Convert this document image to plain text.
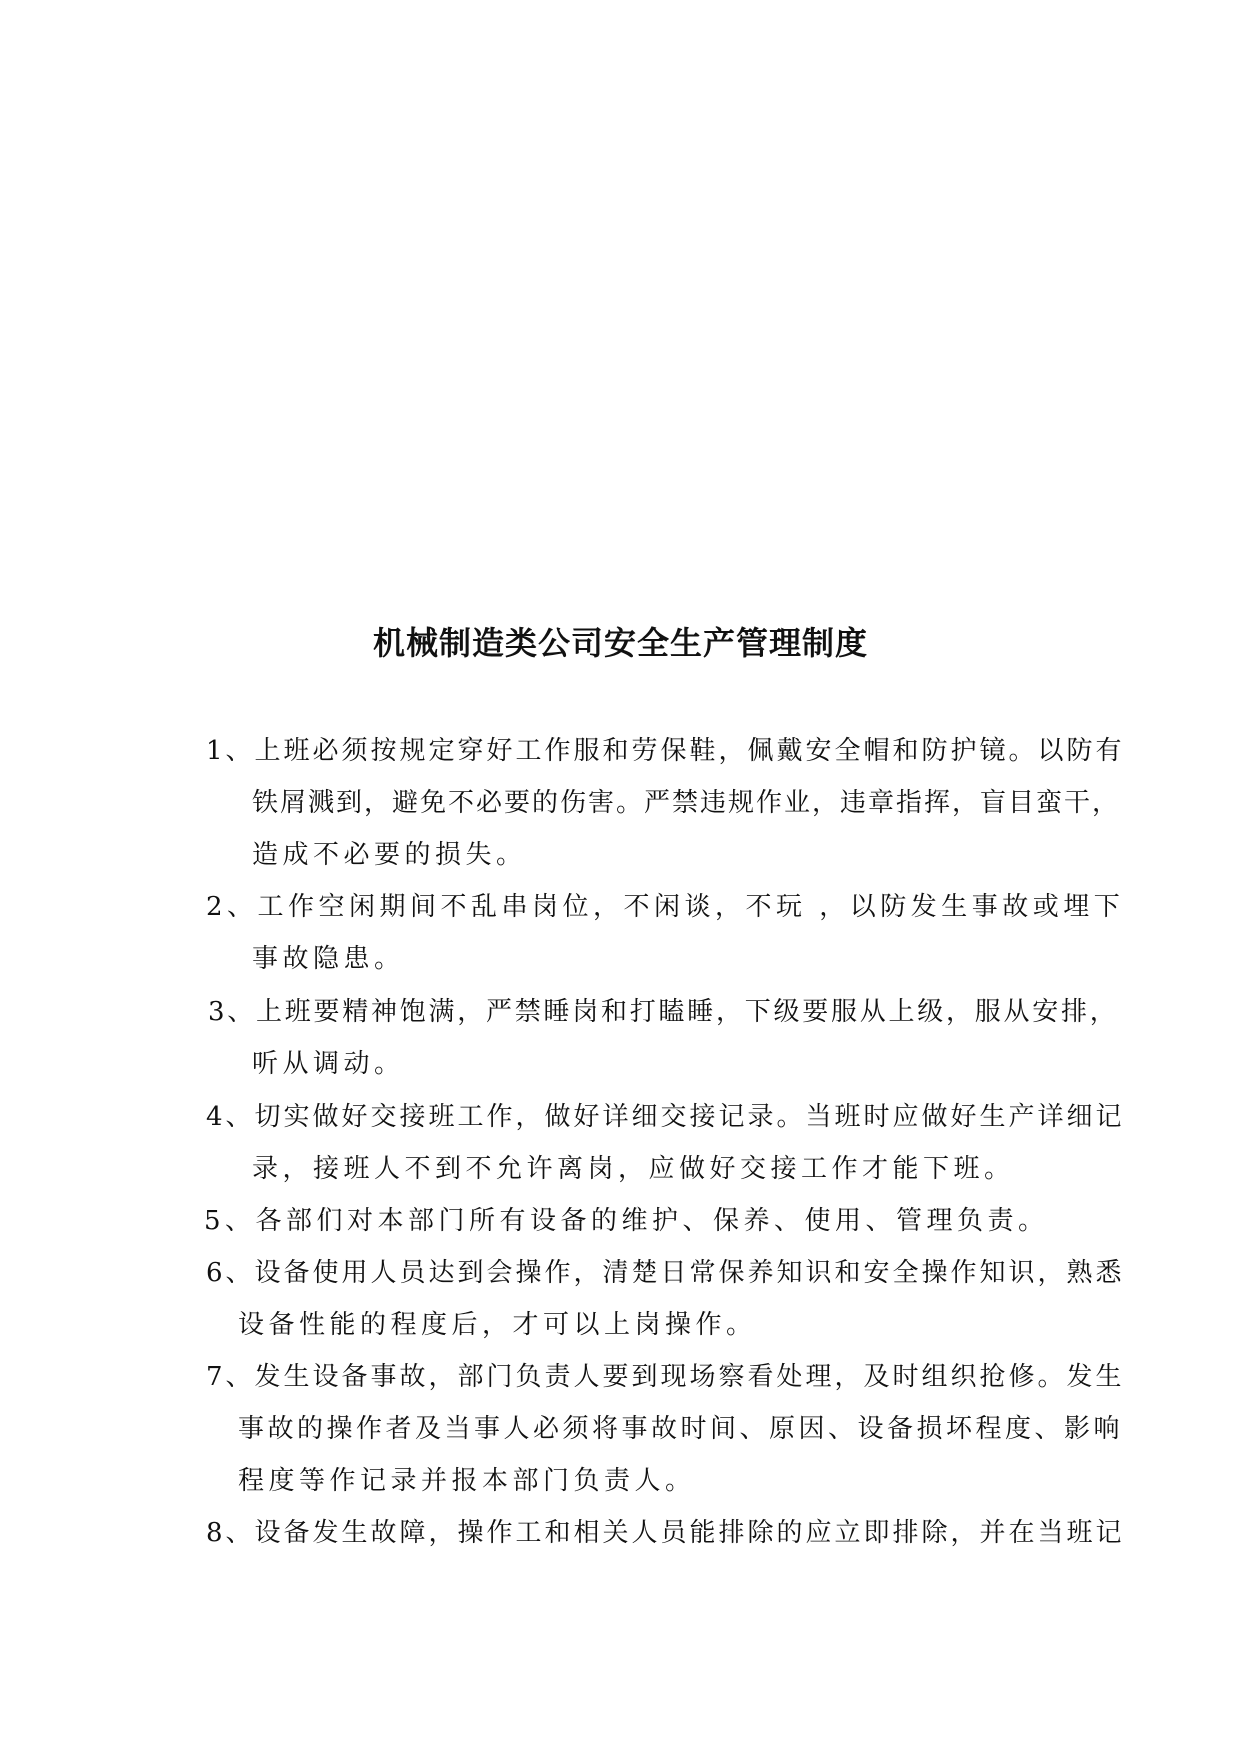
机械制造类公司安全生产管理制度
1、上班必须按规定穿好工作服和劳保鞋，佩戴安全帽和防护镜。以防有
铁屑溅到，避免不必要的伤害。严禁违规作业，违章指挥，盲目蛮干，
造成不必要的损失。
2、工作空闲期间不乱串岗位，不闲谈，不玩 ，以防发生事故或埋下
事故隐患。
3、上班要精神饱满，严禁睡岗和打瞌睡，下级要服从上级，服从安排，
听从调动。
4、切实做好交接班工作，做好详细交接记录。当班时应做好生产详细记
录，接班人不到不允许离岗，应做好交接工作才能下班。
5、各部们对本部门所有设备的维护、保养、使用、管理负责。
6、设备使用人员达到会操作，清楚日常保养知识和安全操作知识，熟悉
设备性能的程度后，才可以上岗操作。
7、发生设备事故，部门负责人要到现场察看处理，及时组织抢修。发生
事故的操作者及当事人必须将事故时间、原因、设备损坏程度、影响
程度等作记录并报本部门负责人。
8、设备发生故障，操作工和相关人员能排除的应立即排除，并在当班记
